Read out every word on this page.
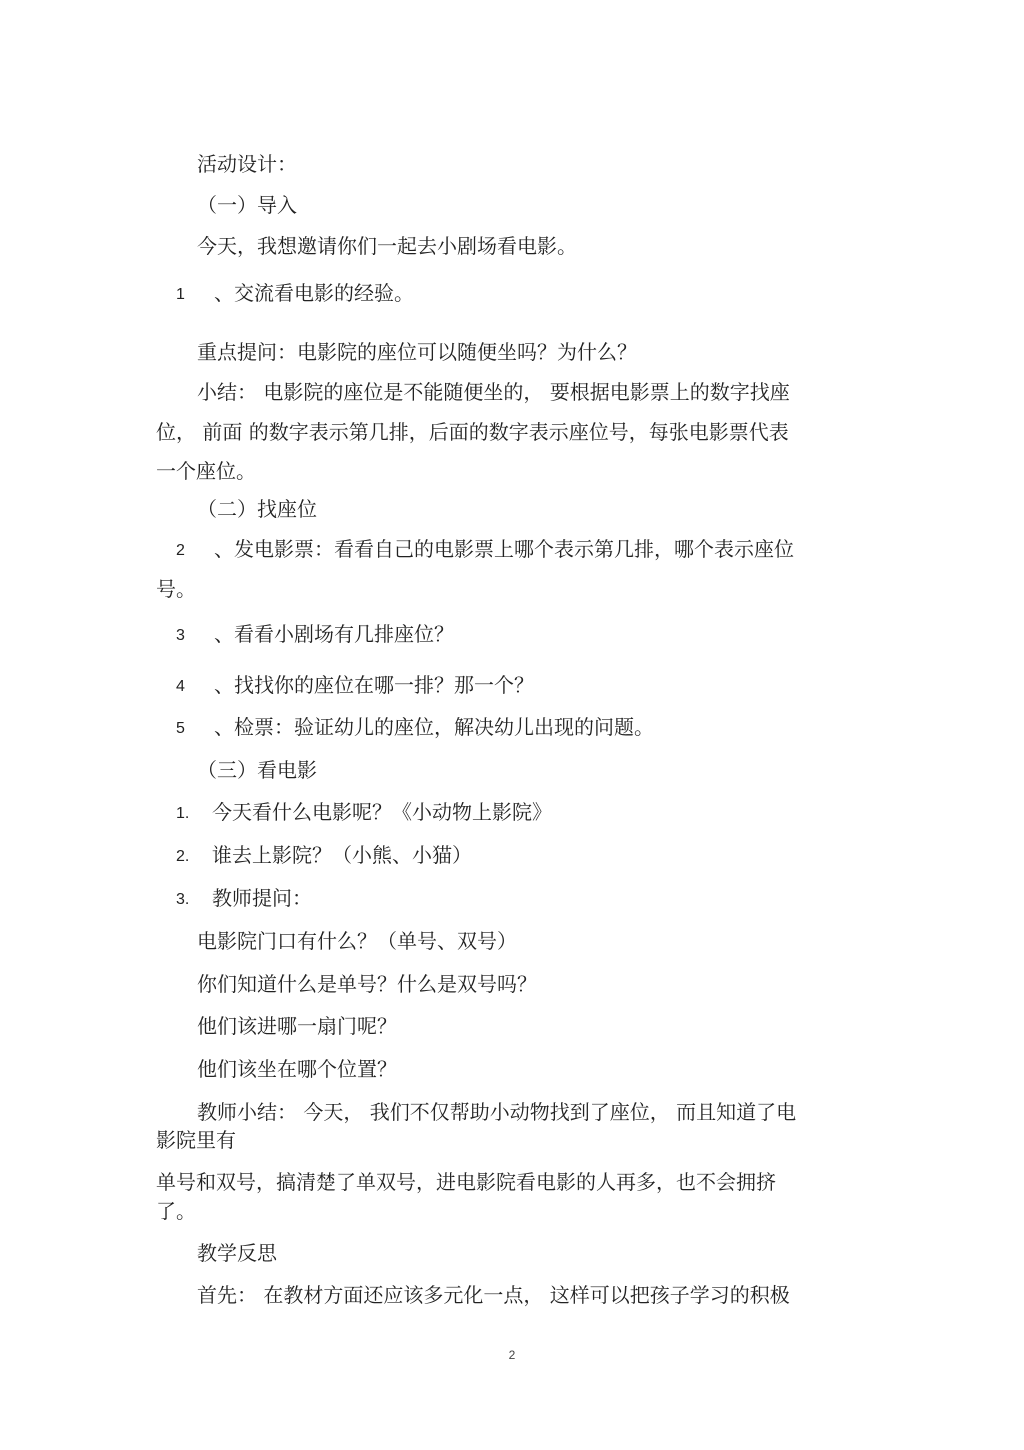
活动设计：
（一）导入
今天，我想邀请你们一起去小剧场看电影。
1 、交流看电影的经验。
重点提问：电影院的座位可以随便坐吗？为什么？
小结： 电影院的座位是不能随便坐的， 要根据电影票上的数字找座
位， 前面 的数字表示第几排，后面的数字表示座位号，每张电影票代表
一个座位。
（二）找座位
2 、发电影票：看看自己的电影票上哪个表示第几排，哪个表示座位
号。
3 、看看小剧场有几排座位？
4 、找找你的座位在哪一排？那一个？
5 、检票：验证幼儿的座位，解决幼儿出现的问题。
（三）看电影
1. 今天看什么电影呢？《小动物上影院》
2. 谁去上影院？（小熊、小猫）
3. 教师提问：
电影院门口有什么？（单号、双号）
你们知道什么是单号？什么是双号吗？
他们该进哪一扇门呢？
他们该坐在哪个位置？
教师小结： 今天， 我们不仅帮助小动物找到了座位， 而且知道了电
影院里有
单号和双号，搞清楚了单双号，进电影院看电影的人再多，也不会拥挤
了。
教学反思
首先： 在教材方面还应该多元化一点， 这样可以把孩子学习的积极
2
